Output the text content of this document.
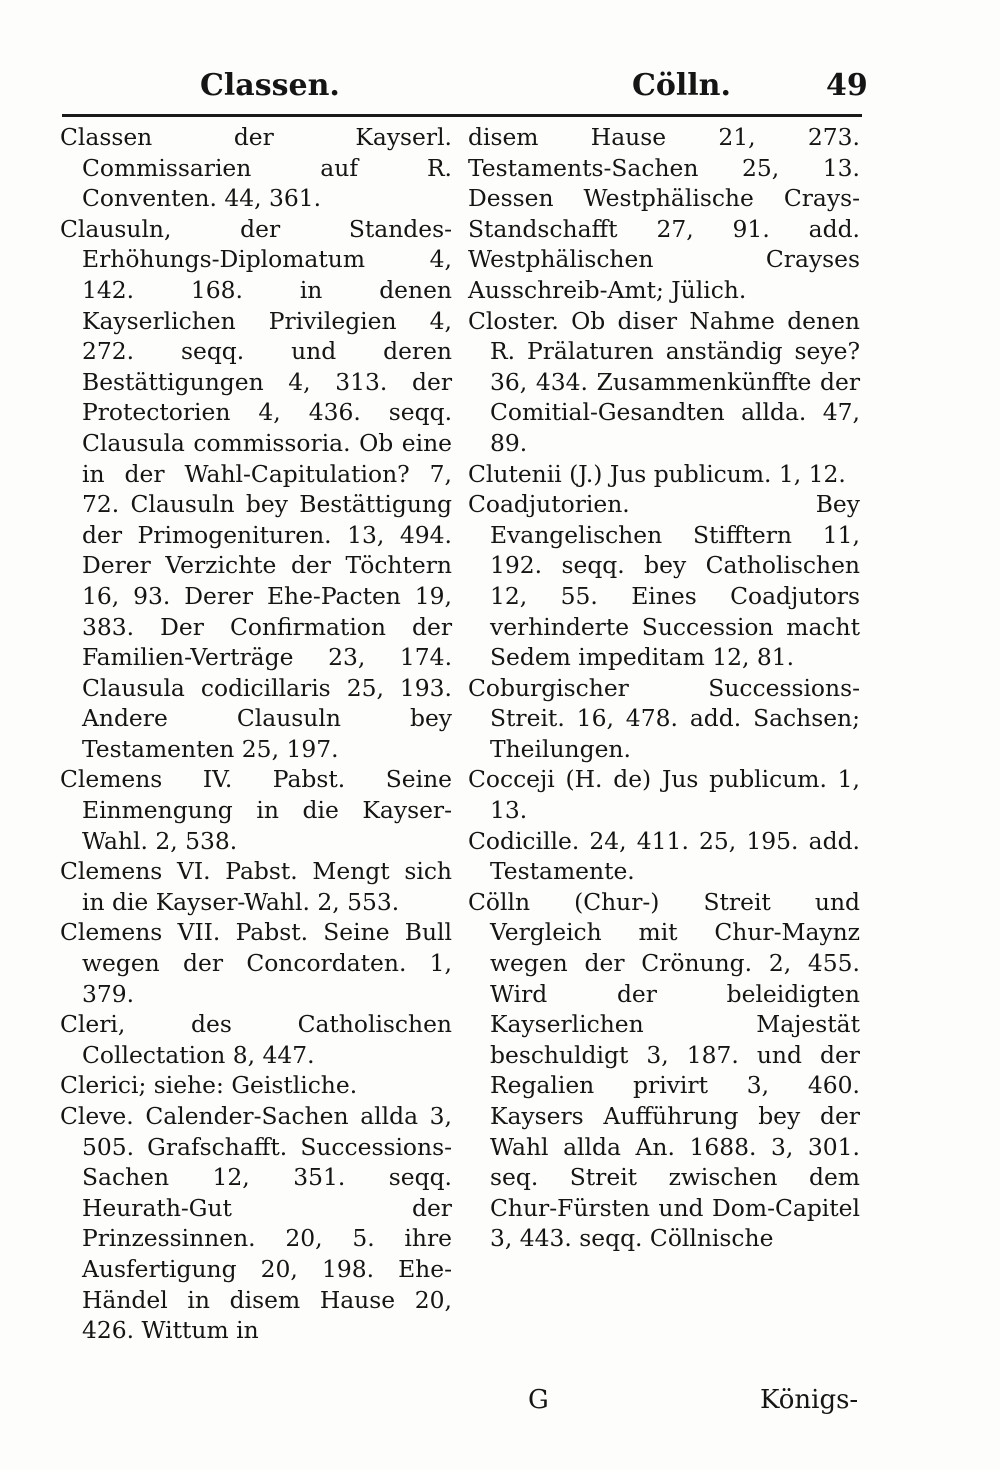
Classen.	Cölln.	49

Classen der Kayserl. Commissarien auf R. Conventen. 44, 361.

Clausuln, der Standes-Erhöhungs-Diplomatum 4, 142. 168. in denen Kayserlichen Privilegien 4, 272. seqq. und deren Bestättigungen 4, 313. der Protectorien 4, 436. seqq. Clausula commissoria. Ob eine in der Wahl-Capitulation? 7, 72. Clausuln bey Bestättigung der Primogenituren. 13, 494. Derer Verzichte der Töchtern 16, 93. Derer Ehe-Pacten 19, 383. Der Confirmation der Familien-Verträge 23, 174. Clausula codicillaris 25, 193. Andere Clausuln bey Testamenten 25, 197.

Clemens IV. Pabst. Seine Einmengung in die Kayser-Wahl. 2, 538.

Clemens VI. Pabst. Mengt sich in die Kayser-Wahl. 2, 553.

Clemens VII. Pabst. Seine Bull wegen der Concordaten. 1, 379.

Cleri, des Catholischen Collectation 8, 447.

Clerici; siehe: Geistliche.

Cleve. Calender-Sachen allda 3, 505. Grafschafft. Successions-Sachen 12, 351. seqq. Heurath-Gut der Prinzessinnen. 20, 5. ihre Ausfertigung 20, 198. Ehe-Händel in disem Hause 20, 426. Wittum in

disem Hause 21, 273. Testaments-Sachen 25, 13. Dessen Westphälische Crays-Standschafft 27, 91. add. Westphälischen Crayses Ausschreib-Amt; Jülich.

Closter. Ob diser Nahme denen R. Prälaturen anständig seye? 36, 434. Zusammenkünffte der Comitial-Gesandten allda. 47, 89.

Clutenii (J.) Jus publicum. 1, 12.

Coadjutorien. Bey Evangelischen Stifftern 11, 192. seqq. bey Catholischen 12, 55. Eines Coadjutors verhinderte Succession macht Sedem impeditam 12, 81.

Coburgischer Successions-Streit. 16, 478. add. Sachsen; Theilungen.

Cocceji (H. de) Jus publicum. 1, 13.

Codicille. 24, 411. 25, 195. add. Testamente.

Cölln (Chur-) Streit und Vergleich mit Chur-Maynz wegen der Crönung. 2, 455. Wird der beleidigten Kayserlichen Majestät beschuldigt 3, 187. und der Regalien privirt 3, 460. Kaysers Aufführung bey der Wahl allda An. 1688. 3, 301. seq. Streit zwischen dem Chur-Fürsten und Dom-Capitel 3, 443. seqq. Cöllnische

G	Königs-
